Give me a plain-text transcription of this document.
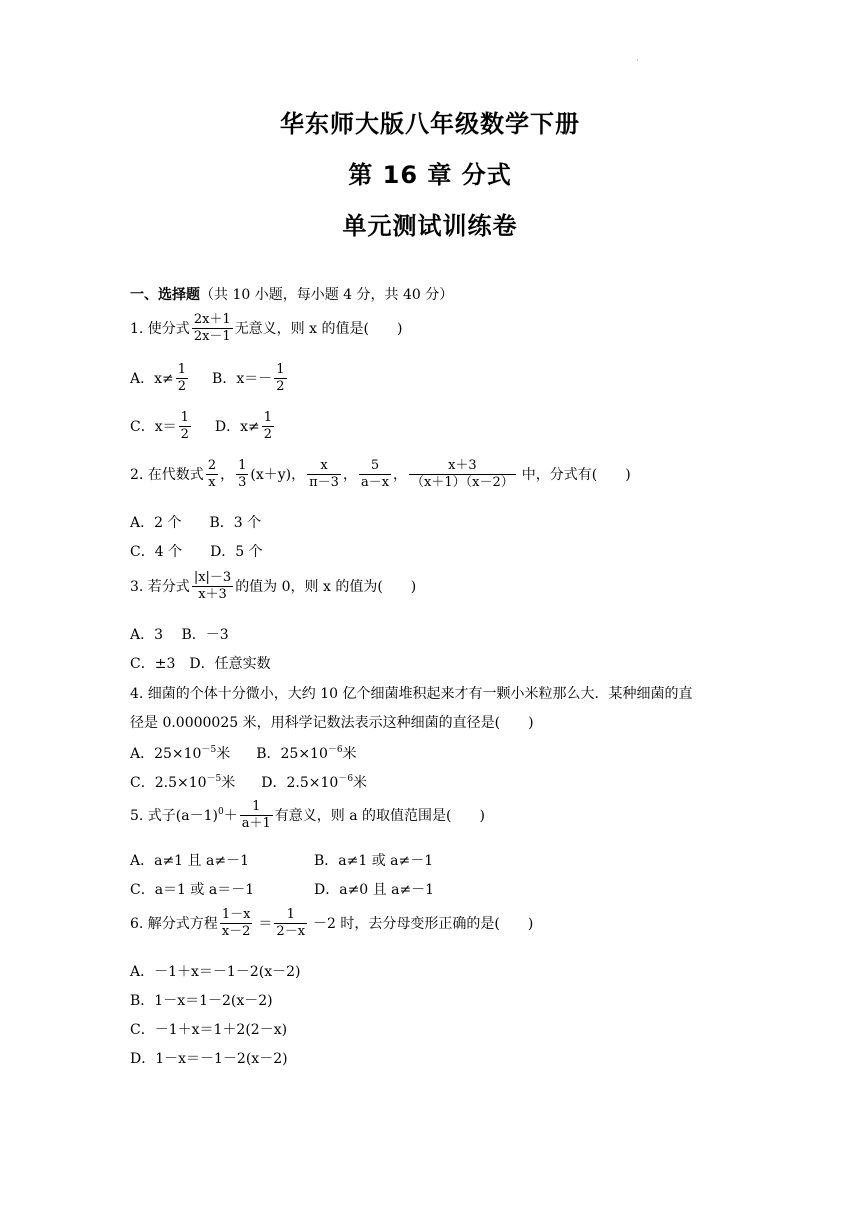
·
华东师大版八年级数学下册
第 16 章 分式
单元测试训练卷
一、选择题（共 10 小题，每小题 4 分，共 40 分）
1. 使分式 $\frac{2x+1}{2x-1}$ 无意义，则 x 的值是(　　)
A．$x\ne \frac{1}{2}$ B．$x=- \frac{1}{2}$
C．$x= \frac{1}{2}$ D．$x\ne \frac{1}{2}$
2. 在代数式 $\frac{2}{x}$ ， $\frac{1}{3} (x+y)$， $\frac{x}{\pi-3}$ ， $\frac{5}{a-x}$ ， $\frac{x+3}{(x+1)(x-2)}$ 中，分式有(　　)
A．2 个　　B．3 个
C．4 个　　D．5 个
3. 若分式 $\frac{|x|-3}{x+3}$ 的值为 0，则 x 的值为(　　)
A．3　 B．－3
C．±3　D．任意实数
4. 细菌的个体十分微小，大约 10 亿个细菌堆积起来才有一颗小米粒那么大．某种细菌的直
径是 0.0000025 米，用科学记数法表示这种细菌的直径是(　　)
A．$25\times 10^{-5}$米 B．$25\times 10^{-6}$米
C．$2.5\times 10^{-5}$米 D．$2.5\times 10^{-6}$米
5. 式子$(a-1)^0+ \frac{1}{a+1}$ 有意义，则 a 的取值范围是(　　)
A．a≠1 且 a≠－1	B．a≠1 或 a≠－1
C．a＝1 或 a＝－1	D．a≠0 且 a≠－1
6. 解分式方程 $\frac{1-x}{x-2} = \frac{1}{2-x} -2$ 时，去分母变形正确的是(　　)
A．－1＋x＝－1－2(x－2)
B．1－x＝1－2(x－2)
C．－1＋x＝1＋2(2－x)
D．1－x＝－1－2(x－2)
